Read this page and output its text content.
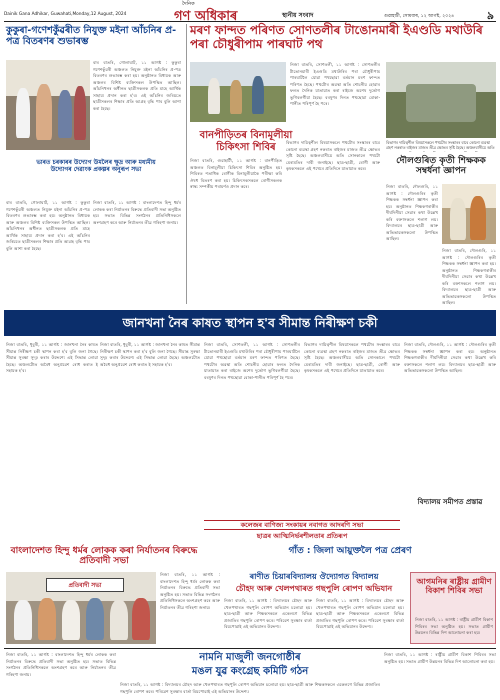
Dainik Gana Adhikar, Guwahati,Monday,12 August, 2024
দৈনিক
গণ অধিকাৰ	স্থানীয় সংবাদ	গুৱাহাটী, সোমবাৰ, ১২ আগষ্ট, ২০২৪	৯
কুকুৰা-গণেশকুঁৱৰীত নিযুক্ত মইনা আঁচনিৰ প্ৰ-পত্ৰ বিতৰণৰ শুভাৰম্ভ
মৰণ ফান্দত পৰিণত সোণতলীৰ টাঙোনমাৰী ইএণ্ডডি মথাউৰি পৰা চৌধুৰীপাম পাৰঘাট পথ
বাৰ বাতৰি, গোলাঘাট, ১১ আগষ্ট : কুকুৰা গণেশকুঁৱৰী অঞ্চলত নিযুক্ত মইনা আঁচনিৰ প্ৰ-পত্ৰ বিতৰণৰ শুভাৰম্ভ কৰা হয়। অনুষ্ঠানত বিধায়ক আৰু অঞ্চলৰ বিশিষ্ট ব্যক্তিসকল উপস্থিত আছিল। আঁচনিখনৰ অধীনত ছাত্ৰীসকলক প্ৰতি মাহে আৰ্থিক সাহায্য প্ৰদান কৰা হ'ব। এই আঁচনিৰ জৰিয়তে ছাত্ৰীসকলৰ শিক্ষাৰ প্ৰতি আগ্ৰহ বৃদ্ধি পাব বুলি আশা কৰা হৈছে।
ভাৰত চৰকাৰৰ উদ্যোগ উমলৈৰ ক্ষুদ্ৰ আৰু মধ্যমীয় উদ্যোগৰ দেৱাংক প্ৰকল্পৰ অনুৰূপ সভা
বাৰ বাতৰি, গোলাঘাট, ১১ আগষ্ট : কুকুৰা গণেশকুঁৱৰী অঞ্চলত নিযুক্ত মইনা আঁচনিৰ প্ৰ-পত্ৰ বিতৰণৰ শুভাৰম্ভ কৰা হয়। অনুষ্ঠানত বিধায়ক আৰু অঞ্চলৰ বিশিষ্ট ব্যক্তিসকল উপস্থিত আছিল। আঁচনিখনৰ অধীনত ছাত্ৰীসকলক প্ৰতি মাহে আৰ্থিক সাহায্য প্ৰদান কৰা হ'ব। এই আঁচনিৰ জৰিয়তে ছাত্ৰীসকলৰ শিক্ষাৰ প্ৰতি আগ্ৰহ বৃদ্ধি পাব বুলি আশা কৰা হৈছে।
নিজা বাতৰি, ১১ আগষ্ট : বাংলাদেশত হিন্দু ধৰ্মৰ লোকক কৰা নিৰ্যাতনৰ বিৰুদ্ধে প্ৰতিবাদী সভা অনুষ্ঠিত হয়। সভাত বিভিন্ন সংগঠনৰ প্ৰতিনিধিসকলে অংশগ্ৰহণ কৰে আৰু নিৰ্যাতনৰ তীব্ৰ গৰিহণা জনায়।
নিজা বাতৰি, সোণতলী, ১১ আগষ্ট : সোণতলীৰ টাঙোনমাৰী ইএণ্ডডি মথাউৰিৰ পৰা চৌধুৰীপাম পাৰঘাটলৈ যোৱা পথছোৱা বৰ্তমান মৰণ ফান্দত পৰিণত হৈছে। পথটোৰ অৱস্থা অতি শোচনীয় হোৱাৰ ফলত দৈনিক যাতায়াত কৰা ৰাইজে অশেষ দুৰ্ভোগ ভুগিবলগীয়া হৈছে। বৰষুণৰ দিনত পথছোৱা বোকা-পানীত পৰিপূৰ্ণ হৈ পৰে।
বানপীড়িতৰ বিনামূলীয়া চিকিৎসা শিবিৰ
নিজা বাতৰি, গুৱাহাটী, ১১ আগষ্ট : বানপীড়িত অঞ্চলত বিনামূলীয়া চিকিৎসা শিবিৰ অনুষ্ঠিত হয়। শিবিৰত শতাধিক ৰোগীক বিনামূলীয়াকৈ পৰীক্ষা কৰি ঔষধ বিতৰণ কৰা হয়। চিকিৎসকসকলে ৰোগীসকলক স্বাস্থ্য সম্পৰ্কীয় পৰামৰ্শও প্ৰদান কৰে।
বিভাগৰ দায়িত্বশীল বিষয়াসকলে পথটোৰ সংস্কাৰৰ বাবে কোনো ব্যৱস্থা গ্ৰহণ নকৰাত ৰাইজৰ মাজত তীব্ৰ ক্ষোভৰ সৃষ্টি হৈছে। অঞ্চলবাসীয়ে অতি সোনকালে পথটো মেৰামতিৰ দাবী জনাইছে। ছাত্ৰ-ছাত্ৰী, ৰোগী আৰু কৃষকসকলে এই পথেৰে প্ৰতিদিনে যাতায়াত কৰে।
বিভাগৰ দায়িত্বশীল বিষয়াসকলে পথটোৰ সংস্কাৰৰ বাবে কোনো ব্যৱস্থা গ্ৰহণ নকৰাত ৰাইজৰ মাজত তীব্ৰ ক্ষোভৰ সৃষ্টি হৈছে। অঞ্চলবাসীয়ে অতি
দৌলগুৰিত কৃতী শিক্ষকক সম্বৰ্ধনা জ্ঞাপন
নিজা বাতৰি, দৌলগুৰি, ১১ আগষ্ট : দৌলগুৰিৰ কৃতী শিক্ষকক সম্বৰ্ধনা জ্ঞাপন কৰা হয়। অনুষ্ঠানত শিক্ষকগৰাকীৰ দীৰ্ঘদিনীয়া সেৱাৰ কথা উল্লেখ কৰি বক্তাসকলে শলাগ লয়। বিদ্যালয়ৰ ছাত্ৰ-ছাত্ৰী আৰু অভিভাৱকসকলো উপস্থিত আছিল।
নিজা বাতৰি, দৌলগুৰি, ১১ আগষ্ট : দৌলগুৰিৰ কৃতী শিক্ষকক সম্বৰ্ধনা জ্ঞাপন কৰা হয়। অনুষ্ঠানত শিক্ষকগৰাকীৰ দীৰ্ঘদিনীয়া সেৱাৰ কথা উল্লেখ কৰি বক্তাসকলে শলাগ লয়। বিদ্যালয়ৰ ছাত্ৰ-ছাত্ৰী আৰু অভিভাৱকসকলো উপস্থিত আছিল।
জানখনা নৈৰ কাষত স্থাপন হ'ব সীমান্ত নিৰীক্ষণ চকী
নিজা বাতৰি, ধুবুৰী, ১১ আগষ্ট : জানখনা নৈৰ কাষত সীমান্ত নিৰীক্ষণ চকী স্থাপন কৰা হ'ব বুলি জনা গৈছে। সীমান্ত সুৰক্ষা সুদৃঢ় কৰাৰ উদ্দেশ্যে এই সিদ্ধান্ত লোৱা হৈছে। অঞ্চলটোত অবৈধ অনুপ্ৰৱেশ ৰোধ কৰাত ই সহায়ক হ'ব।
নিজা বাতৰি, ধুবুৰী, ১১ আগষ্ট : জানখনা নৈৰ কাষত সীমান্ত নিৰীক্ষণ চকী স্থাপন কৰা হ'ব বুলি জনা গৈছে। সীমান্ত সুৰক্ষা সুদৃঢ় কৰাৰ উদ্দেশ্যে এই সিদ্ধান্ত লোৱা হৈছে। অঞ্চলটোত অবৈধ অনুপ্ৰৱেশ ৰোধ কৰাত ই সহায়ক হ'ব।
নিজা বাতৰি, সোণতলী, ১১ আগষ্ট : সোণতলীৰ টাঙোনমাৰী ইএণ্ডডি মথাউৰিৰ পৰা চৌধুৰীপাম পাৰঘাটলৈ যোৱা পথছোৱা বৰ্তমান মৰণ ফান্দত পৰিণত হৈছে। পথটোৰ অৱস্থা অতি শোচনীয় হোৱাৰ ফলত দৈনিক যাতায়াত কৰা ৰাইজে অশেষ দুৰ্ভোগ ভুগিবলগীয়া হৈছে। বৰষুণৰ দিনত পথছোৱা বোকা-পানীত পৰিপূৰ্ণ হৈ পৰে।
বিভাগৰ দায়িত্বশীল বিষয়াসকলে পথটোৰ সংস্কাৰৰ বাবে কোনো ব্যৱস্থা গ্ৰহণ নকৰাত ৰাইজৰ মাজত তীব্ৰ ক্ষোভৰ সৃষ্টি হৈছে। অঞ্চলবাসীয়ে অতি সোনকালে পথটো মেৰামতিৰ দাবী জনাইছে। ছাত্ৰ-ছাত্ৰী, ৰোগী আৰু কৃষকসকলে এই পথেৰে প্ৰতিদিনে যাতায়াত কৰে।
নিজা বাতৰি, দৌলগুৰি, ১১ আগষ্ট : দৌলগুৰিৰ কৃতী শিক্ষকক সম্বৰ্ধনা জ্ঞাপন কৰা হয়। অনুষ্ঠানত শিক্ষকগৰাকীৰ দীৰ্ঘদিনীয়া সেৱাৰ কথা উল্লেখ কৰি বক্তাসকলে শলাগ লয়। বিদ্যালয়ৰ ছাত্ৰ-ছাত্ৰী আৰু অভিভাৱকসকলো উপস্থিত আছিল।
কলেজৰ বাণিজ্য সংকায়ৰ নবাগত আদৰণি সভা
ছাত্ৰৰ আত্মিনিৰ্ভৰশীলতাৰ প্ৰতিৰূপ
বিদ্যালয় সমীপত প্ৰস্তাৱ
বাংলাদেশত হিন্দু ধৰ্মৰ লোকক কৰা নিৰ্যাতনৰ বিৰুদ্ধে প্ৰতিবাদী সভা
গাঁত : জিলা আয়ুক্তলৈ পত্ৰ প্ৰেৰণ
প্ৰতিবাদী সভা
নিজা বাতৰি, ১১ আগষ্ট : বাংলাদেশত হিন্দু ধৰ্মৰ লোকক কৰা নিৰ্যাতনৰ বিৰুদ্ধে প্ৰতিবাদী সভা অনুষ্ঠিত হয়। সভাত বিভিন্ন সংগঠনৰ প্ৰতিনিধিসকলে অংশগ্ৰহণ কৰে আৰু নিৰ্যাতনৰ তীব্ৰ গৰিহণা জনায়।
ৰাণীত চিয়াৰবিদ্যালয় ঔদ্যোগত বিদ্যালয়
চৌহদ আৰু খেলপথাৰত গছপুলি ৰোপণ অভিযান
নিজা বাতৰি, ১১ আগষ্ট : বিদ্যালয়ৰ চৌহদ আৰু খেলপথাৰত গছপুলি ৰোপণ অভিযান চলোৱা হয়। ছাত্ৰ-ছাত্ৰী আৰু শিক্ষকসকলে একেলগে বিভিন্ন প্ৰজাতিৰ গছপুলি ৰোপণ কৰে। পৰিৱেশ সুৰক্ষাৰ বাৰ্তা বিয়পোৱাই এই অভিযানৰ উদ্দেশ্য।
নিজা বাতৰি, ১১ আগষ্ট : বিদ্যালয়ৰ চৌহদ আৰু খেলপথাৰত গছপুলি ৰোপণ অভিযান চলোৱা হয়। ছাত্ৰ-ছাত্ৰী আৰু শিক্ষকসকলে একেলগে বিভিন্ন প্ৰজাতিৰ গছপুলি ৰোপণ কৰে। পৰিৱেশ সুৰক্ষাৰ বাৰ্তা বিয়পোৱাই এই অভিযানৰ উদ্দেশ্য।
আগমনিৰ ৰাষ্ট্ৰীয় গ্ৰামীণ বিকাশ শিবিৰ সভা
নিজা বাতৰি, ১১ আগষ্ট : ৰাষ্ট্ৰীয় গ্ৰামীণ বিকাশ শিবিৰৰ সভা অনুষ্ঠিত হয়। সভাত গ্ৰামীণ উন্নয়নৰ বিভিন্ন দিশ আলোচনা কৰা হয়।
নামনি মাজুলী জনগোষ্ঠীৰ
মঙল যুৱ কংগ্ৰেছ কমিটি গঠন
নিজা বাতৰি, ১১ আগষ্ট : বাংলাদেশত হিন্দু ধৰ্মৰ লোকক কৰা নিৰ্যাতনৰ বিৰুদ্ধে প্ৰতিবাদী সভা অনুষ্ঠিত হয়। সভাত বিভিন্ন সংগঠনৰ প্ৰতিনিধিসকলে অংশগ্ৰহণ কৰে আৰু নিৰ্যাতনৰ তীব্ৰ গৰিহণা জনায়।
নিজা বাতৰি, ১১ আগষ্ট : ৰাষ্ট্ৰীয় গ্ৰামীণ বিকাশ শিবিৰৰ সভা অনুষ্ঠিত হয়। সভাত গ্ৰামীণ উন্নয়নৰ বিভিন্ন দিশ আলোচনা কৰা হয়।
নিজা বাতৰি, ১১ আগষ্ট : বিদ্যালয়ৰ চৌহদ আৰু খেলপথাৰত গছপুলি ৰোপণ অভিযান চলোৱা হয়। ছাত্ৰ-ছাত্ৰী আৰু শিক্ষকসকলে একেলগে বিভিন্ন প্ৰজাতিৰ গছপুলি ৰোপণ কৰে। পৰিৱেশ সুৰক্ষাৰ বাৰ্তা বিয়পোৱাই এই অভিযানৰ উদ্দেশ্য।
